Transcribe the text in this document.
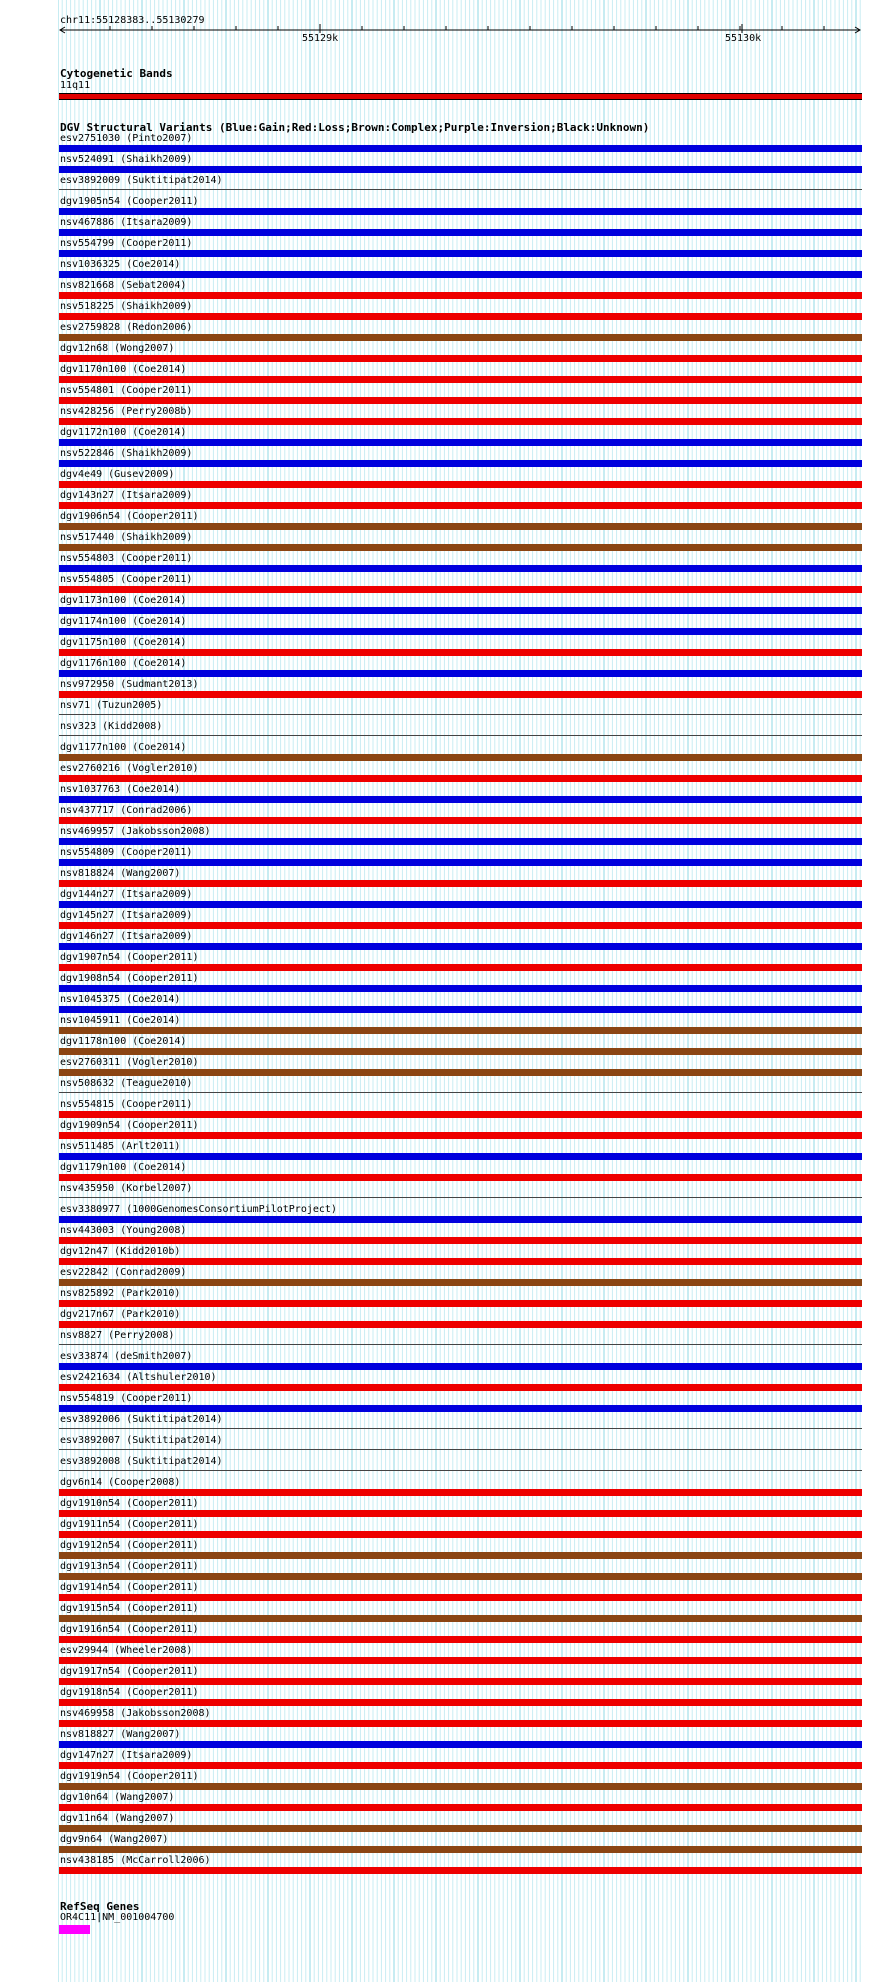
chr11:55128383..55130279
55129k	55130k
Cytogenetic Bands
11q11
DGV Structural Variants (Blue:Gain;Red:Loss;Brown:Complex;Purple:Inversion;Black:Unknown)
esv2751030 (Pinto2007)
nsv524091 (Shaikh2009)
esv3892009 (Suktitipat2014)
dgv1905n54 (Cooper2011)
nsv467886 (Itsara2009)
nsv554799 (Cooper2011)
nsv1036325 (Coe2014)
nsv821668 (Sebat2004)
nsv518225 (Shaikh2009)
esv2759828 (Redon2006)
dgv12n68 (Wong2007)
dgv1170n100 (Coe2014)
nsv554801 (Cooper2011)
nsv428256 (Perry2008b)
dgv1172n100 (Coe2014)
nsv522846 (Shaikh2009)
dgv4e49 (Gusev2009)
dgv143n27 (Itsara2009)
dgv1906n54 (Cooper2011)
nsv517440 (Shaikh2009)
nsv554803 (Cooper2011)
nsv554805 (Cooper2011)
dgv1173n100 (Coe2014)
dgv1174n100 (Coe2014)
dgv1175n100 (Coe2014)
dgv1176n100 (Coe2014)
nsv972950 (Sudmant2013)
nsv71 (Tuzun2005)
nsv323 (Kidd2008)
dgv1177n100 (Coe2014)
esv2760216 (Vogler2010)
nsv1037763 (Coe2014)
nsv437717 (Conrad2006)
nsv469957 (Jakobsson2008)
nsv554809 (Cooper2011)
nsv818824 (Wang2007)
dgv144n27 (Itsara2009)
dgv145n27 (Itsara2009)
dgv146n27 (Itsara2009)
dgv1907n54 (Cooper2011)
dgv1908n54 (Cooper2011)
nsv1045375 (Coe2014)
nsv1045911 (Coe2014)
dgv1178n100 (Coe2014)
esv2760311 (Vogler2010)
nsv508632 (Teague2010)
nsv554815 (Cooper2011)
dgv1909n54 (Cooper2011)
nsv511485 (Arlt2011)
dgv1179n100 (Coe2014)
nsv435950 (Korbel2007)
esv3380977 (1000GenomesConsortiumPilotProject)
nsv443003 (Young2008)
dgv12n47 (Kidd2010b)
esv22842 (Conrad2009)
nsv825892 (Park2010)
dgv217n67 (Park2010)
nsv8827 (Perry2008)
esv33874 (deSmith2007)
esv2421634 (Altshuler2010)
nsv554819 (Cooper2011)
esv3892006 (Suktitipat2014)
esv3892007 (Suktitipat2014)
esv3892008 (Suktitipat2014)
dgv6n14 (Cooper2008)
dgv1910n54 (Cooper2011)
dgv1911n54 (Cooper2011)
dgv1912n54 (Cooper2011)
dgv1913n54 (Cooper2011)
dgv1914n54 (Cooper2011)
dgv1915n54 (Cooper2011)
dgv1916n54 (Cooper2011)
esv29944 (Wheeler2008)
dgv1917n54 (Cooper2011)
dgv1918n54 (Cooper2011)
nsv469958 (Jakobsson2008)
nsv818827 (Wang2007)
dgv147n27 (Itsara2009)
dgv1919n54 (Cooper2011)
dgv10n64 (Wang2007)
dgv11n64 (Wang2007)
dgv9n64 (Wang2007)
nsv438185 (McCarroll2006)
RefSeq Genes
OR4C11|NM_001004700
